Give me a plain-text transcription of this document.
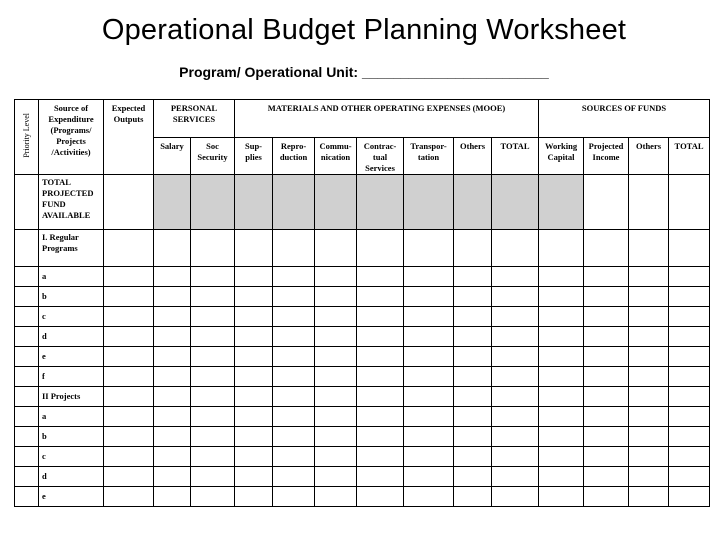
Operational Budget Planning Worksheet
Program/ Operational Unit: ________________________
Priority Level	Source of Expenditure (Programs/ Projects /Activities)	Expected Outputs	PERSONAL SERVICES		MATERIALS AND OTHER OPERATING EXPENSES (MOOE)							SOURCES OF FUNDS			

			Salary	Soc Security	Sup-plies	Repro-duction	Commu-nication	Contrac-tual Services	Transpor-tation	Others	TOTAL	Working Capital	Projected Income	Others	TOTAL

	TOTAL PROJECTED FUND AVAILABLE														
	I. Regular Programs														
	a														
	b														
	c														
	d														
	e														
	f														
	II Projects														
	a														
	b														
	c														
	d														
	e														
